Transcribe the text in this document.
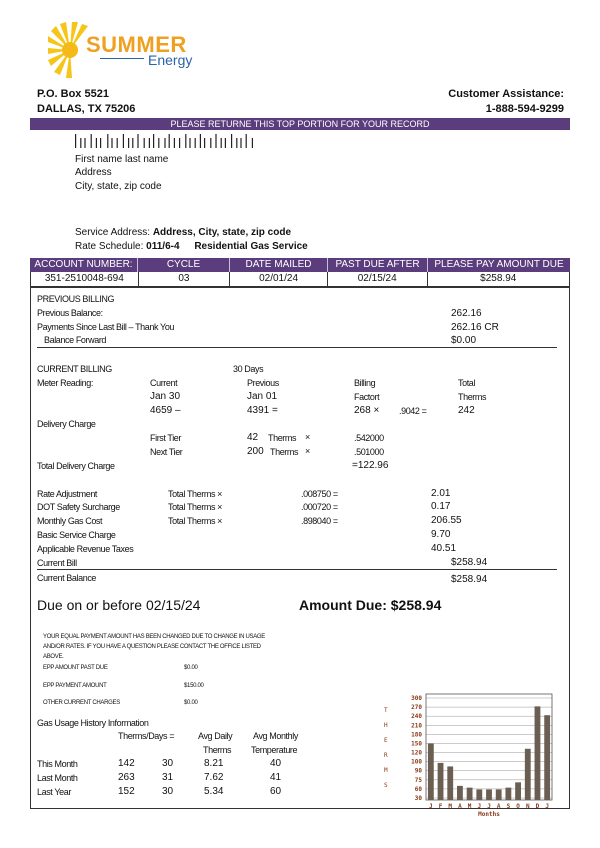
SUMMER
Energy
P.O. Box 5521
DALLAS, TX 75206
Customer Assistance:
1-888-594-9299
PLEASE RETURNE THIS TOP PORTION FOR YOUR RECORD
First name last name
Address
City, state, zip code
Service Address: Address, City, state, zip code
Rate Schedule: 011/6-4 Residential Gas Service
ACCOUNT NUMBER:	CYCLE	DATE MAILED	PAST DUE AFTER	PLEASE PAY AMOUNT DUE
351-2510048-694	03	02/01/24	02/15/24	$258.94
PREVIOUS BILLING
Previous Balance:	262.16
Payments Since Last Bill – Thank You	262.16 CR
Balance Forward	$0.00
CURRENT BILLING	30 Days
Meter Reading:	Current	Previous	Billing	Total
Jan 30	Jan 01	Factort	Therms
4659 –	4391 =	268 × .9042 =	242
Delivery Charge
First Tier	42 Therms ×	.542000
Next Tier	200 Therms ×	.501000
Total Delivery Charge	=122.96
Rate Adjustment	Total Therms ×	.008750 =	2.01
DOT Safety Surcharge	Total Therms ×	.000720 =	0.17
Monthly Gas Cost	Total Therms ×	.898040 =	206.55
Basic Service Charge	9.70
Applicable Revenue Taxes	40.51
Current Bill	$258.94
Current Balance	$258.94
Due on or before 02/15/24	Amount Due: $258.94
YOUR EQUAL PAYMENT AMOUNT HAS BEEN CHANGED DUE TO CHANGE IN USAGE
AND/OR RATES. IF YOU HAVE A QUESTION PLEASE CONTACT THE OFFICE LISTED
ABOVE.
EPP AMOUNT PAST DUE	$0.00
EPP PAYMENT AMOUNT	$150.00
OTHER CURRENT CHARGES	$0.00
Gas Usage History Information
Therms/Days =	Avg Daily Avg Monthly
Therms Temperature
This Month	142	30	8.21	40
Last Month	263	31	7.62	41
Last Year	152	30	5.34	60
T
H
E
R
M
S
300
270
240
210
180
150
120
100
90
75
60
30
J F M A M J J A S O N D J
Months
